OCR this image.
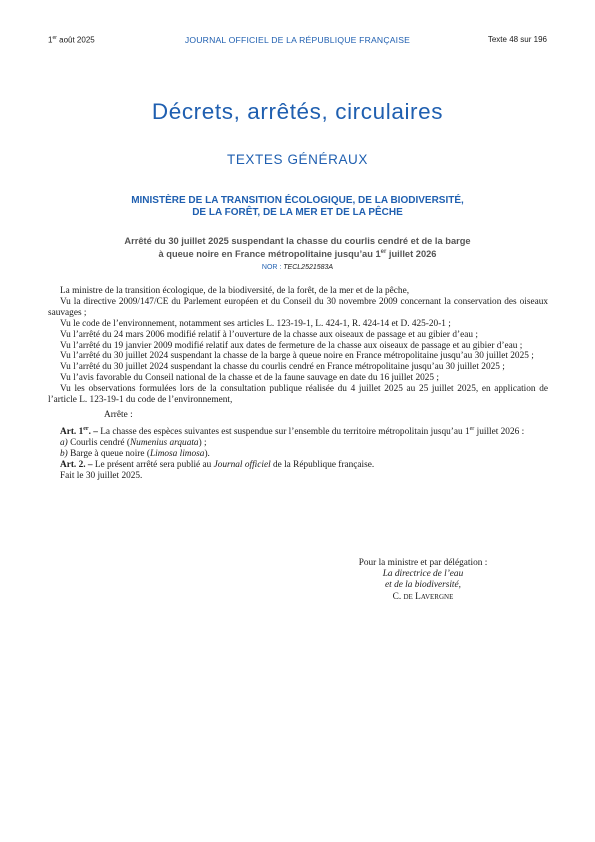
1er août 2025	JOURNAL OFFICIEL DE LA RÉPUBLIQUE FRANÇAISE	Texte 48 sur 196
Décrets, arrêtés, circulaires
TEXTES GÉNÉRAUX
MINISTÈRE DE LA TRANSITION ÉCOLOGIQUE, DE LA BIODIVERSITÉ,
DE LA FORÊT, DE LA MER ET DE LA PÊCHE
Arrêté du 30 juillet 2025 suspendant la chasse du courlis cendré et de la barge
à queue noire en France métropolitaine jusqu’au 1er juillet 2026
NOR : TECL2521583A

La ministre de la transition écologique, de la biodiversité, de la forêt, de la mer et de la pêche,

Vu la directive 2009/147/CE du Parlement européen et du Conseil du 30 novembre 2009 concernant la conservation des oiseaux sauvages ;

Vu le code de l’environnement, notamment ses articles L. 123-19-1, L. 424-1, R. 424-14 et D. 425-20-1 ;

Vu l’arrêté du 24 mars 2006 modifié relatif à l’ouverture de la chasse aux oiseaux de passage et au gibier d’eau ;

Vu l’arrêté du 19 janvier 2009 modifié relatif aux dates de fermeture de la chasse aux oiseaux de passage et au gibier d’eau ;

Vu l’arrêté du 30 juillet 2024 suspendant la chasse de la barge à queue noire en France métropolitaine jusqu’au 30 juillet 2025 ;

Vu l’arrêté du 30 juillet 2024 suspendant la chasse du courlis cendré en France métropolitaine jusqu’au 30 juillet 2025 ;

Vu l’avis favorable du Conseil national de la chasse et de la faune sauvage en date du 16 juillet 2025 ;

Vu les observations formulées lors de la consultation publique réalisée du 4 juillet 2025 au 25 juillet 2025, en application de l’article L. 123-19-1 du code de l’environnement,

Arrête :

Art. 1er. – La chasse des espèces suivantes est suspendue sur l’ensemble du territoire métropolitain jusqu’au 1er juillet 2026 :

a) Courlis cendré (Numenius arquata) ;

b) Barge à queue noire (Limosa limosa).

Art. 2. – Le présent arrêté sera publié au Journal officiel de la République française.

Fait le 30 juillet 2025.

Pour la ministre et par délégation :
La directrice de l’eau
et de la biodiversité,
C. de Lavergne
